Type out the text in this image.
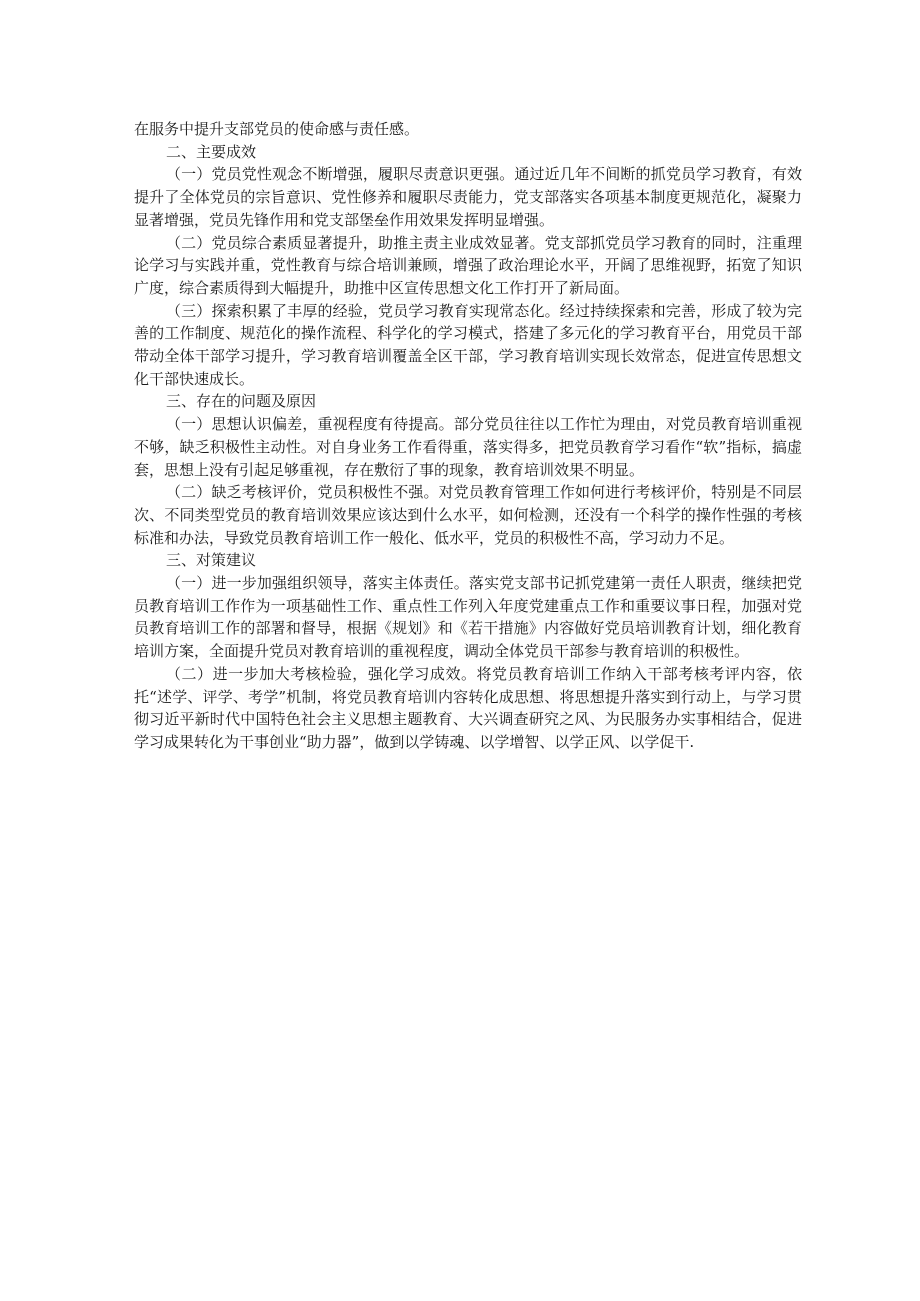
在服务中提升支部党员的使命感与责任感。

二、主要成效

（一）党员党性观念不断增强，履职尽责意识更强。通过近几年不间断的抓党员学习教育，有效提升了全体党员的宗旨意识、党性修养和履职尽责能力，党支部落实各项基本制度更规范化，凝聚力显著增强，党员先锋作用和党支部堡垒作用效果发挥明显增强。

（二）党员综合素质显著提升，助推主责主业成效显著。党支部抓党员学习教育的同时，注重理论学习与实践并重，党性教育与综合培训兼顾，增强了政治理论水平，开阔了思维视野，拓宽了知识广度，综合素质得到大幅提升，助推中区宣传思想文化工作打开了新局面。

（三）探索积累了丰厚的经验，党员学习教育实现常态化。经过持续探索和完善，形成了较为完善的工作制度、规范化的操作流程、科学化的学习模式，搭建了多元化的学习教育平台，用党员干部带动全体干部学习提升，学习教育培训覆盖全区干部，学习教育培训实现长效常态，促进宣传思想文化干部快速成长。

三、存在的问题及原因

（一）思想认识偏差，重视程度有待提高。部分党员往往以工作忙为理由，对党员教育培训重视不够，缺乏积极性主动性。对自身业务工作看得重，落实得多，把党员教育学习看作“软”指标，搞虚套，思想上没有引起足够重视，存在敷衍了事的现象，教育培训效果不明显。

（二）缺乏考核评价，党员积极性不强。对党员教育管理工作如何进行考核评价，特别是不同层次、不同类型党员的教育培训效果应该达到什么水平，如何检测，还没有一个科学的操作性强的考核标准和办法，导致党员教育培训工作一般化、低水平，党员的积极性不高，学习动力不足。

三、对策建议

（一）进一步加强组织领导，落实主体责任。落实党支部书记抓党建第一责任人职责，继续把党员教育培训工作作为一项基础性工作、重点性工作列入年度党建重点工作和重要议事日程，加强对党员教育培训工作的部署和督导，根据《规划》和《若干措施》内容做好党员培训教育计划，细化教育培训方案，全面提升党员对教育培训的重视程度，调动全体党员干部参与教育培训的积极性。

（二）进一步加大考核检验，强化学习成效。将党员教育培训工作纳入干部考核考评内容，依托“述学、评学、考学”机制，将党员教育培训内容转化成思想、将思想提升落实到行动上，与学习贯彻习近平新时代中国特色社会主义思想主题教育、大兴调查研究之风、为民服务办实事相结合，促进学习成果转化为干事创业“助力器”，做到以学铸魂、以学增智、以学正风、以学促干.
